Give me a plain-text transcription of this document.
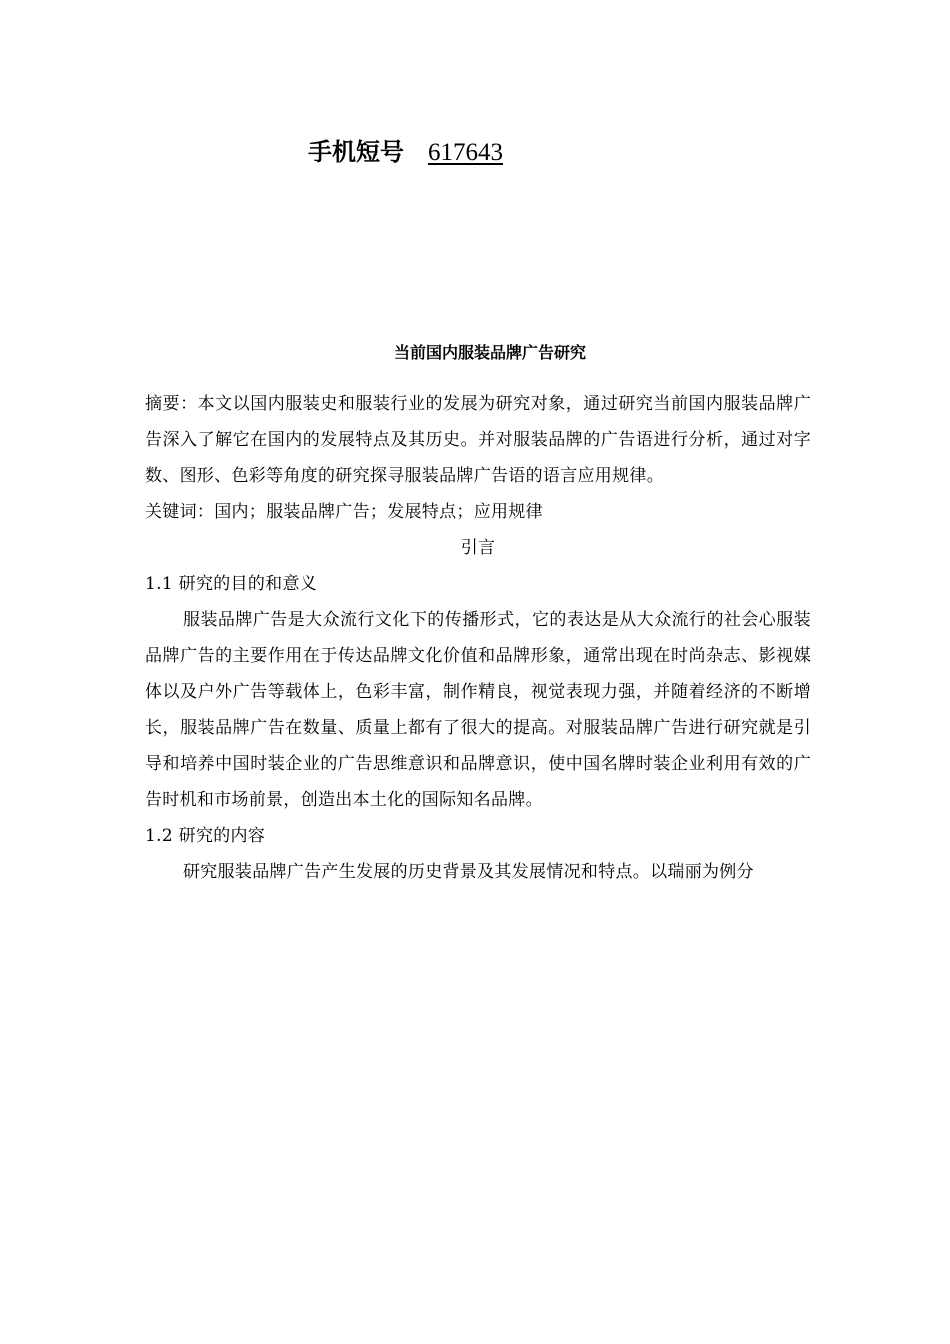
手机短号 617643
当前国内服装品牌广告研究

摘要：本文以国内服装史和服装行业的发展为研究对象，通过研究当前国内服装品牌广告深入了解它在国内的发展特点及其历史。并对服装品牌的广告语进行分析，通过对字数、图形、色彩等角度的研究探寻服装品牌广告语的语言应用规律。

关键词：国内；服装品牌广告；发展特点；应用规律

引言

1.1 研究的目的和意义

服装品牌广告是大众流行文化下的传播形式，它的表达是从大众流行的社会心服装品牌广告的主要作用在于传达品牌文化价值和品牌形象，通常出现在时尚杂志、影视媒体以及户外广告等载体上，色彩丰富，制作精良，视觉表现力强，并随着经济的不断增长，服装品牌广告在数量、质量上都有了很大的提高。对服装品牌广告进行研究就是引导和培养中国时装企业的广告思维意识和品牌意识，使中国名牌时装企业利用有效的广告时机和市场前景，创造出本土化的国际知名品牌。

1.2 研究的内容

研究服装品牌广告产生发展的历史背景及其发展情况和特点。以瑞丽为例分
